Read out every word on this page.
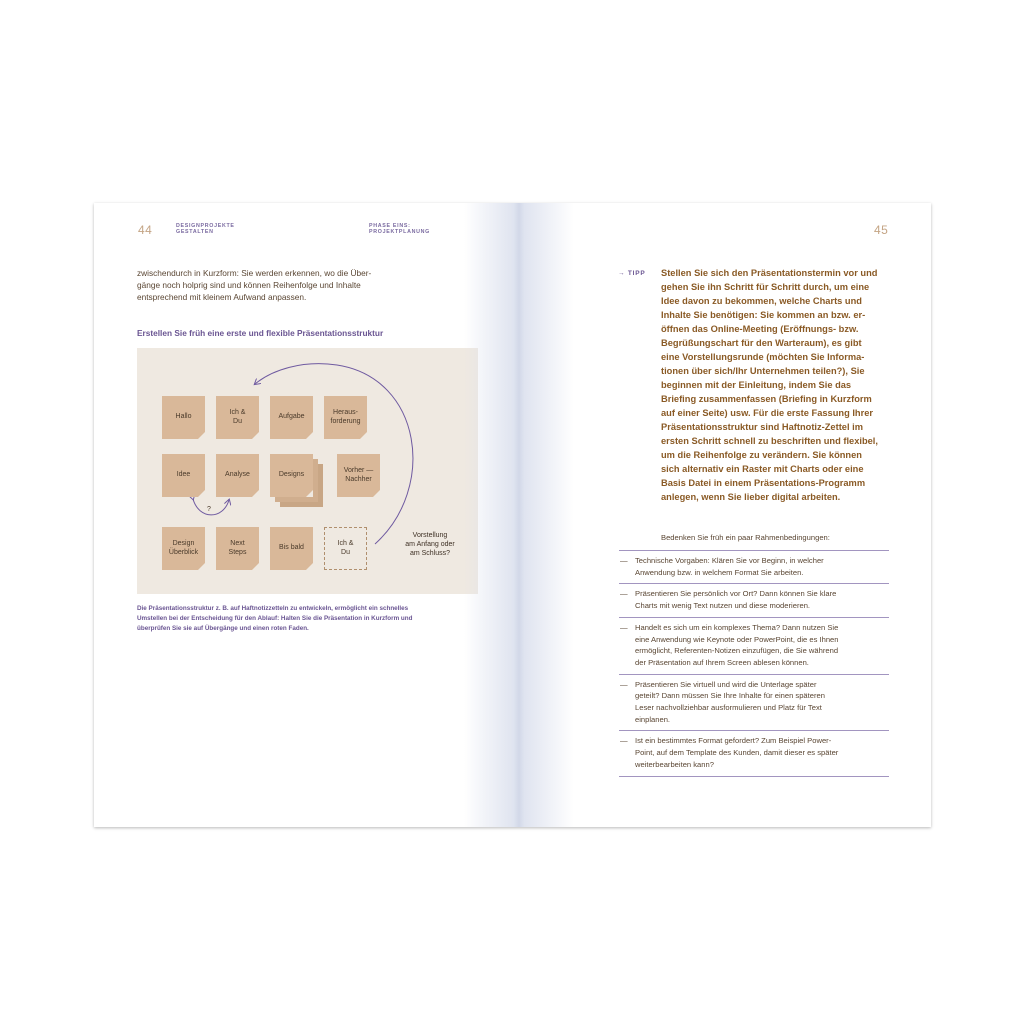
44	DESIGNPROJEKTE GESTALTEN
PHASE EINS: PROJEKTPLANUNG
zwischendurch in Kurzform: Sie werden erkennen, wo die Über-
gänge noch holprig sind und können Reihenfolge und Inhalte
entsprechend mit kleinem Aufwand anpassen.
Erstellen Sie früh eine erste und flexible Präsentationsstruktur
Hallo
Ich & Du
Aufgabe
Heraus-forderung
Idee	Analyse	Designs
Vorher — Nachher
?
Design Überblick
Next Steps
Bis bald
Ich & Du
Vorstellung
am Anfang oder
am Schluss?
Die Präsentationsstruktur z. B. auf Haftnotizzetteln zu entwickeln, ermöglicht ein schnelles
Umstellen bei der Entscheidung für den Ablauf: Halten Sie die Präsentation in Kurzform und
überprüfen Sie sie auf Übergänge und einen roten Faden.
45
→ TIPP Stellen Sie sich den Präsentationstermin vor und
gehen Sie ihn Schritt für Schritt durch, um eine
Idee davon zu bekommen, welche Charts und
Inhalte Sie benötigen: Sie kommen an bzw. er-
öffnen das Online-Meeting (Eröffnungs- bzw.
Begrüßungschart für den Warteraum), es gibt
eine Vorstellungsrunde (möchten Sie Informa-
tionen über sich/Ihr Unternehmen teilen?), Sie
beginnen mit der Einleitung, indem Sie das
Briefing zusammenfassen (Briefing in Kurzform
auf einer Seite) usw. Für die erste Fassung Ihrer
Präsentationsstruktur sind Haftnotiz-Zettel im
ersten Schritt schnell zu beschriften und flexibel,
um die Reihenfolge zu verändern. Sie können
sich alternativ ein Raster mit Charts oder eine
Basis Datei in einem Präsentations-Programm
anlegen, wenn Sie lieber digital arbeiten.
Bedenken Sie früh ein paar Rahmenbedingungen:
— Technische Vorgaben: Klären Sie vor Beginn, in welcher
Anwendung bzw. in welchem Format Sie arbeiten.
— Präsentieren Sie persönlich vor Ort? Dann können Sie klare
Charts mit wenig Text nutzen und diese moderieren.
— Handelt es sich um ein komplexes Thema? Dann nutzen Sie
eine Anwendung wie Keynote oder PowerPoint, die es Ihnen
ermöglicht, Referenten-Notizen einzufügen, die Sie während
der Präsentation auf Ihrem Screen ablesen können.
— Präsentieren Sie virtuell und wird die Unterlage später
geteilt? Dann müssen Sie Ihre Inhalte für einen späteren
Leser nachvollziehbar ausformulieren und Platz für Text
einplanen.
— Ist ein bestimmtes Format gefordert? Zum Beispiel Power-
Point, auf dem Template des Kunden, damit dieser es später
weiterbearbeiten kann?
